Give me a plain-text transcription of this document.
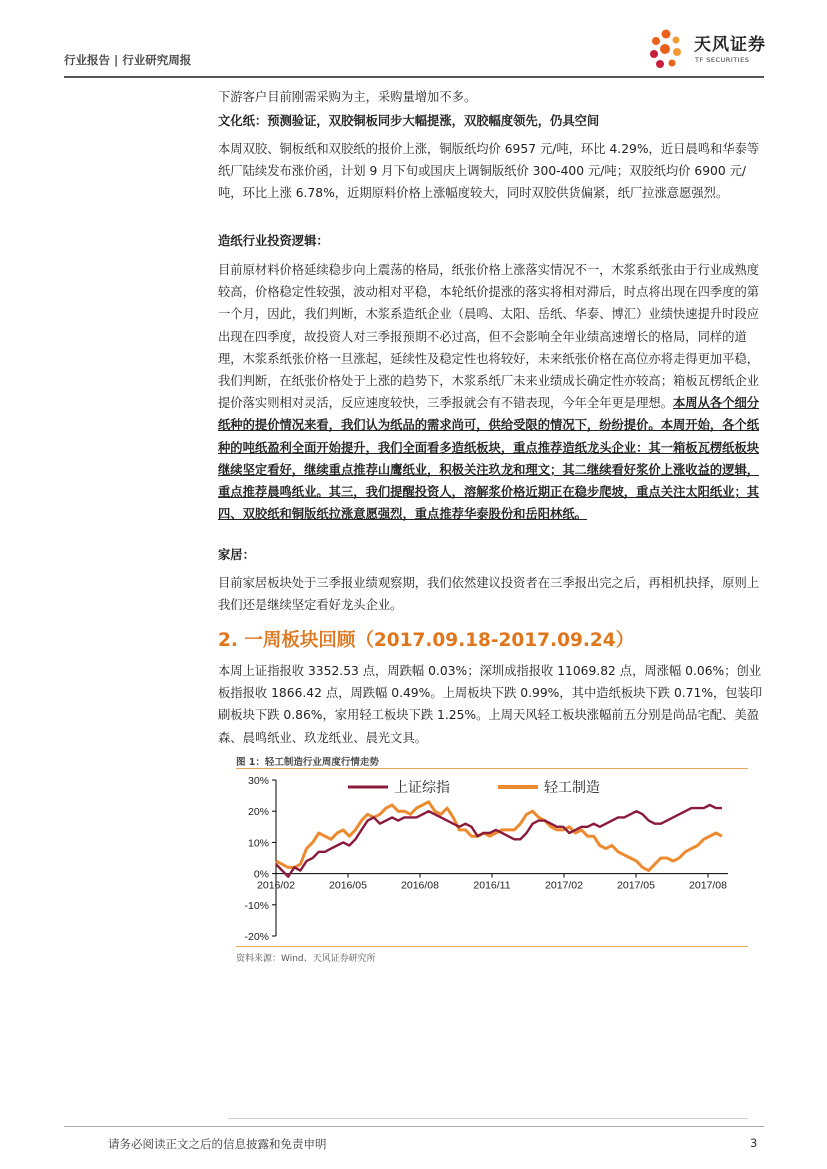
行业报告 | 行业研究周报
天风证券
TF SECURITIES
下游客户目前刚需采购为主，采购量增加不多。
文化纸：预测验证，双胶铜板同步大幅提涨，双胶幅度领先，仍具空间
本周双胶、铜板纸和双胶纸的报价上涨，铜版纸均价 6957 元/吨，环比 4.29%，近日晨鸣和华泰等纸厂陆续发布涨价函，计划 9 月下旬或国庆上调铜版纸价 300-400 元/吨；双胶纸均价 6900 元/吨，环比上涨 6.78%，近期原料价格上涨幅度较大，同时双胶供货偏紧，纸厂拉涨意愿强烈。
造纸行业投资逻辑：
目前原材料价格延续稳步向上震荡的格局，纸张价格上涨落实情况不一，木浆系纸张由于行业成熟度较高，价格稳定性较强，波动相对平稳，本轮纸价提涨的落实将相对滞后，时点将出现在四季度的第一个月，因此，我们判断，木浆系造纸企业（晨鸣、太阳、岳纸、华泰、博汇）业绩快速提升时段应出现在四季度，故投资人对三季报预期不必过高，但不会影响全年业绩高速增长的格局，同样的道理，木浆系纸张价格一旦涨起，延续性及稳定性也将较好，未来纸张价格在高位亦将走得更加平稳，我们判断，在纸张价格处于上涨的趋势下，木浆系纸厂未来业绩成长确定性亦较高；箱板瓦楞纸企业提价落实则相对灵活，反应速度较快，三季报就会有不错表现，今年全年更是理想。本周从各个细分纸种的提价情况来看，我们认为纸品的需求尚可，供给受限的情况下，纷纷提价。本周开始，各个纸种的吨纸盈利全面开始提升，我们全面看多造纸板块，重点推荐造纸龙头企业：其一箱板瓦楞纸板块继续坚定看好，继续重点推荐山鹰纸业，积极关注玖龙和理文；其二继续看好浆价上涨收益的逻辑，重点推荐晨鸣纸业。其三，我们提醒投资人，溶解浆价格近期正在稳步爬坡，重点关注太阳纸业；其四、双胶纸和铜版纸拉涨意愿强烈，重点推荐华泰股份和岳阳林纸。
家居：
目前家居板块处于三季报业绩观察期，我们依然建议投资者在三季报出完之后，再相机抉择，原则上我们还是继续坚定看好龙头企业。
2. 一周板块回顾（2017.09.18-2017.09.24）
本周上证指报收 3352.53 点，周跌幅 0.03%；深圳成指报收 11069.82 点，周涨幅 0.06%；创业板指报收 1866.42 点，周跌幅 0.49%。上周板块下跌 0.99%，其中造纸板块下跌 0.71%，包装印刷板块下跌 0.86%，家用轻工板块下跌 1.25%。上周天风轻工板块涨幅前五分别是尚品宅配、美盈森、晨鸣纸业、玖龙纸业、晨光文具。
图 1：轻工制造行业周度行情走势
30%
20%
10%
0%
-10%
-20%
2016/02	2016/05	2016/08	2016/11	2017/02	2017/05	2017/08
上证综指	轻工制造
资料来源：Wind、天风证券研究所
请务必阅读正文之后的信息披露和免责申明	3
